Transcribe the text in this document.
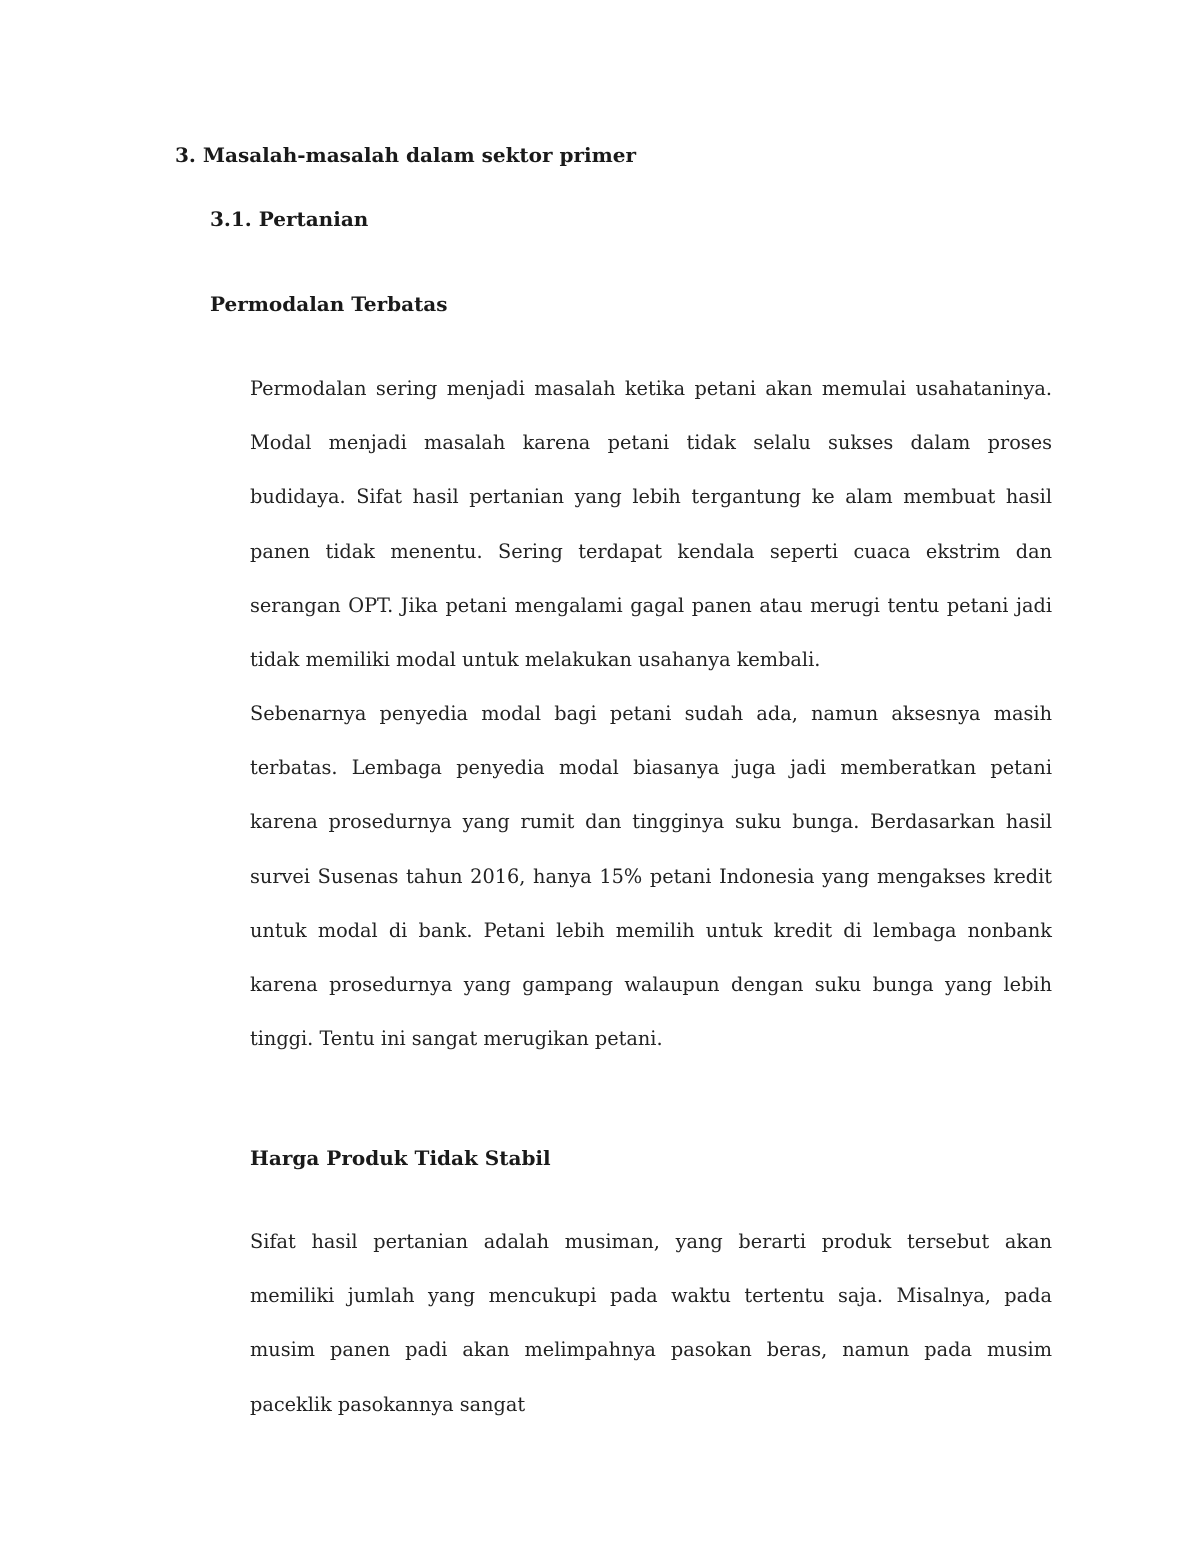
3. Masalah-masalah dalam sektor primer
3.1. Pertanian
Permodalan Terbatas
Permodalan sering menjadi masalah ketika petani akan memulai usahataninya. Modal menjadi masalah karena petani tidak selalu sukses dalam proses budidaya. Sifat hasil pertanian yang lebih tergantung ke alam membuat hasil panen tidak menentu. Sering terdapat kendala seperti cuaca ekstrim dan serangan OPT. Jika petani mengalami gagal panen atau merugi tentu petani jadi tidak memiliki modal untuk melakukan usahanya kembali.
Sebenarnya penyedia modal bagi petani sudah ada, namun aksesnya masih terbatas. Lembaga penyedia modal biasanya juga jadi memberatkan petani karena prosedurnya yang rumit dan tingginya suku bunga. Berdasarkan hasil survei Susenas tahun 2016, hanya 15% petani Indonesia yang mengakses kredit untuk modal di bank. Petani lebih memilih untuk kredit di lembaga nonbank karena prosedurnya yang gampang walaupun dengan suku bunga yang lebih tinggi. Tentu ini sangat merugikan petani.
Harga Produk Tidak Stabil
Sifat hasil pertanian adalah musiman, yang berarti produk tersebut akan memiliki jumlah yang mencukupi pada waktu tertentu saja. Misalnya, pada musim panen padi akan melimpahnya pasokan beras, namun pada musim paceklik pasokannya sangat
